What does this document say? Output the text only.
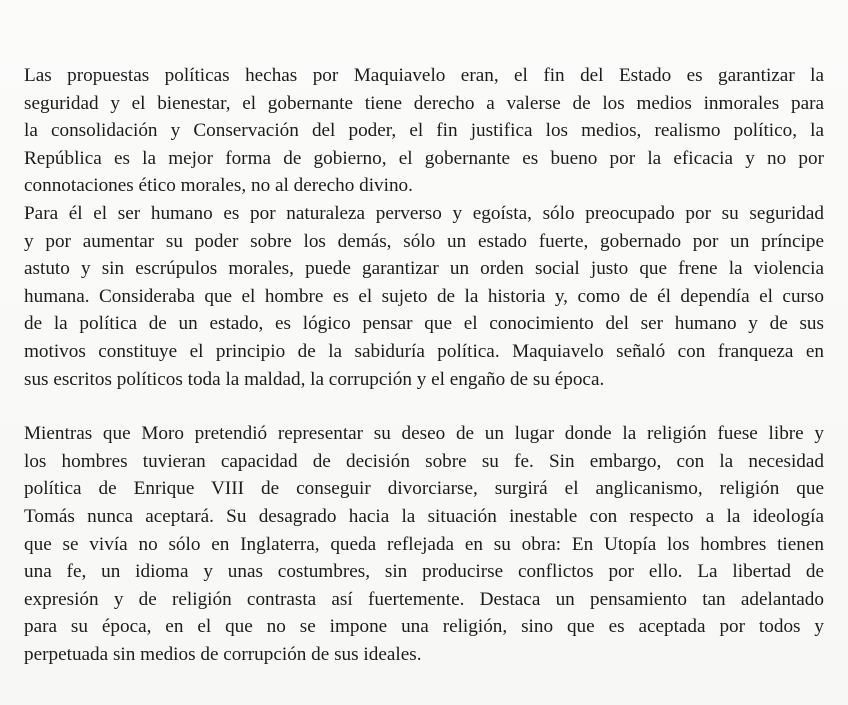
Las propuestas políticas hechas por Maquiavelo eran, el fin del Estado es garantizar la
seguridad y el bienestar, el gobernante tiene derecho a valerse de los medios inmorales para
la consolidación y Conservación del poder, el fin justifica los medios, realismo político, la
República es la mejor forma de gobierno, el gobernante es bueno por la eficacia y no por
connotaciones ético morales, no al derecho divino.
Para él el ser humano es por naturaleza perverso y egoísta, sólo preocupado por su seguridad
y por aumentar su poder sobre los demás, sólo un estado fuerte, gobernado por un príncipe
astuto y sin escrúpulos morales, puede garantizar un orden social justo que frene la violencia
humana. Consideraba que el hombre es el sujeto de la historia y, como de él dependía el curso
de la política de un estado, es lógico pensar que el conocimiento del ser humano y de sus
motivos constituye el principio de la sabiduría política. Maquiavelo señaló con franqueza en
sus escritos políticos toda la maldad, la corrupción y el engaño de su época.
Mientras que Moro pretendió representar su deseo de un lugar donde la religión fuese libre y
los hombres tuvieran capacidad de decisión sobre su fe. Sin embargo, con la necesidad
política de Enrique VIII de conseguir divorciarse, surgirá el anglicanismo, religión que
Tomás nunca aceptará. Su desagrado hacia la situación inestable con respecto a la ideología
que se vivía no sólo en Inglaterra, queda reflejada en su obra: En Utopía los hombres tienen
una fe, un idioma y unas costumbres, sin producirse conflictos por ello. La libertad de
expresión y de religión contrasta así fuertemente. Destaca un pensamiento tan adelantado
para su época, en el que no se impone una religión, sino que es aceptada por todos y
perpetuada sin medios de corrupción de sus ideales.
